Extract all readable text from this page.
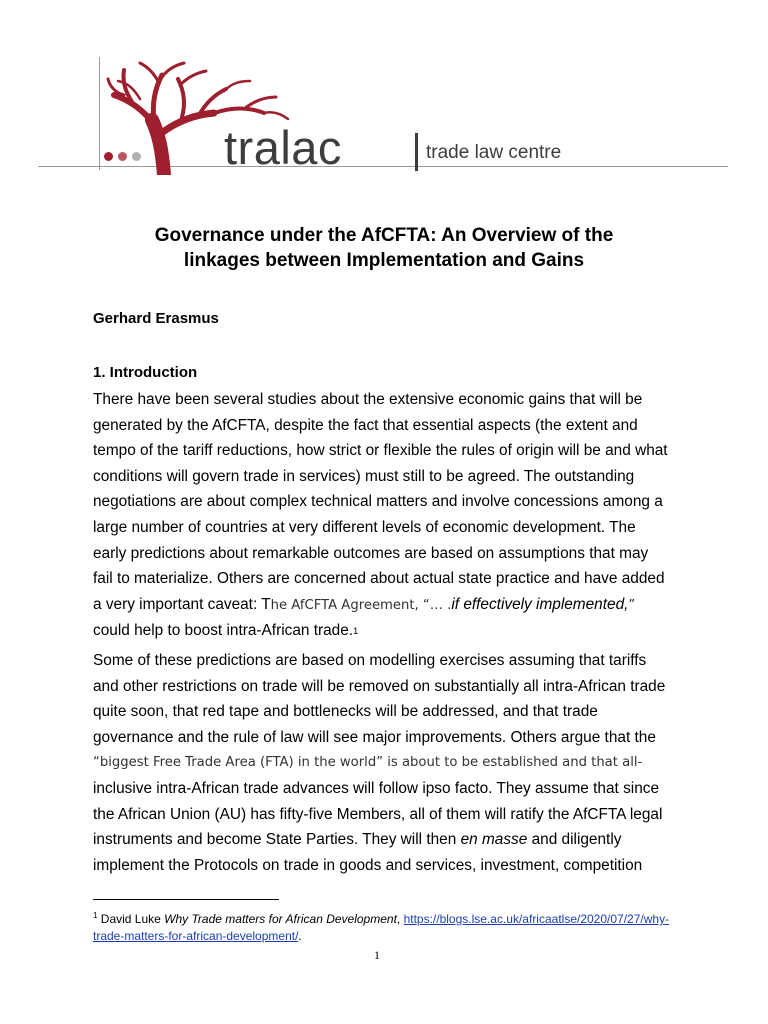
tralac	trade law centre
Governance under the AfCFTA: An Overview of the
linkages between Implementation and Gains
Gerhard Erasmus
1. Introduction
There have been several studies about the extensive economic gains that will be
generated by the AfCFTA, despite the fact that essential aspects (the extent and
tempo of the tariff reductions, how strict or flexible the rules of origin will be and what
conditions will govern trade in services) must still to be agreed. The outstanding
negotiations are about complex technical matters and involve concessions among a
large number of countries at very different levels of economic development. The
early predictions about remarkable outcomes are based on assumptions that may
fail to materialize. Others are concerned about actual state practice and have added
a very important caveat: The AfCFTA Agreement, “… .if effectively implemented,”
could help to boost intra-African trade.1
Some of these predictions are based on modelling exercises assuming that tariffs
and other restrictions on trade will be removed on substantially all intra-African trade
quite soon, that red tape and bottlenecks will be addressed, and that trade
governance and the rule of law will see major improvements. Others argue that the
“biggest Free Trade Area (FTA) in the world” is about to be established and that all-
inclusive intra-African trade advances will follow ipso facto. They assume that since
the African Union (AU) has fifty-five Members, all of them will ratify the AfCFTA legal
instruments and become State Parties. They will then en masse and diligently
implement the Protocols on trade in goods and services, investment, competition
$^1$ David Luke Why Trade matters for African Development, https://blogs.lse.ac.uk/africaatlse/2020/07/27/why-
trade-matters-for-african-development/.
1
